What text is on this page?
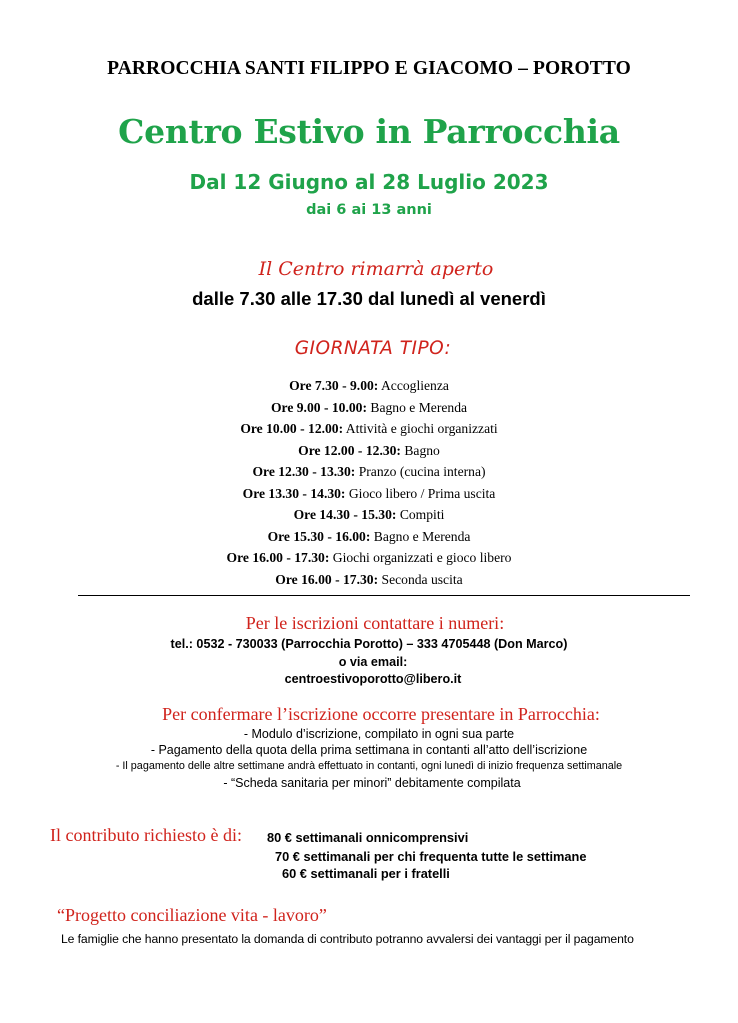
PARROCCHIA SANTI FILIPPO E GIACOMO – POROTTO
Centro Estivo in Parrocchia
Dal 12 Giugno al 28 Luglio 2023
dai 6 ai 13 anni
Il Centro rimarrà aperto
dalle 7.30 alle 17.30 dal lunedì al venerdì
GIORNATA TIPO:
Ore 7.30 - 9.00: Accoglienza
Ore 9.00 - 10.00: Bagno e Merenda
Ore 10.00 - 12.00: Attività e giochi organizzati
Ore 12.00 - 12.30: Bagno
Ore 12.30 - 13.30: Pranzo (cucina interna)
Ore 13.30 - 14.30: Gioco libero / Prima uscita
Ore 14.30 - 15.30: Compiti
Ore 15.30 - 16.00: Bagno e Merenda
Ore 16.00 - 17.30: Giochi organizzati e gioco libero
Ore 16.00 - 17.30: Seconda uscita
Per le iscrizioni contattare i numeri:
tel.: 0532 - 730033 (Parrocchia Porotto) – 333 4705448 (Don Marco)
o via email:
centroestivoporotto@libero.it
Per confermare l’iscrizione occorre presentare in Parrocchia:
- Modulo d’iscrizione, compilato in ogni sua parte
- Pagamento della quota della prima settimana in contanti all’atto dell’iscrizione
- Il pagamento delle altre settimane andrà effettuato in contanti, ogni lunedì di inizio frequenza settimanale
- “Scheda sanitaria per minori” debitamente compilata
Il contributo richiesto è di: 80 € settimanali onnicomprensivi
70 € settimanali per chi frequenta tutte le settimane
60 € settimanali per i fratelli
“Progetto conciliazione vita - lavoro”
Le famiglie che hanno presentato la domanda di contributo potranno avvalersi dei vantaggi per il pagamento
